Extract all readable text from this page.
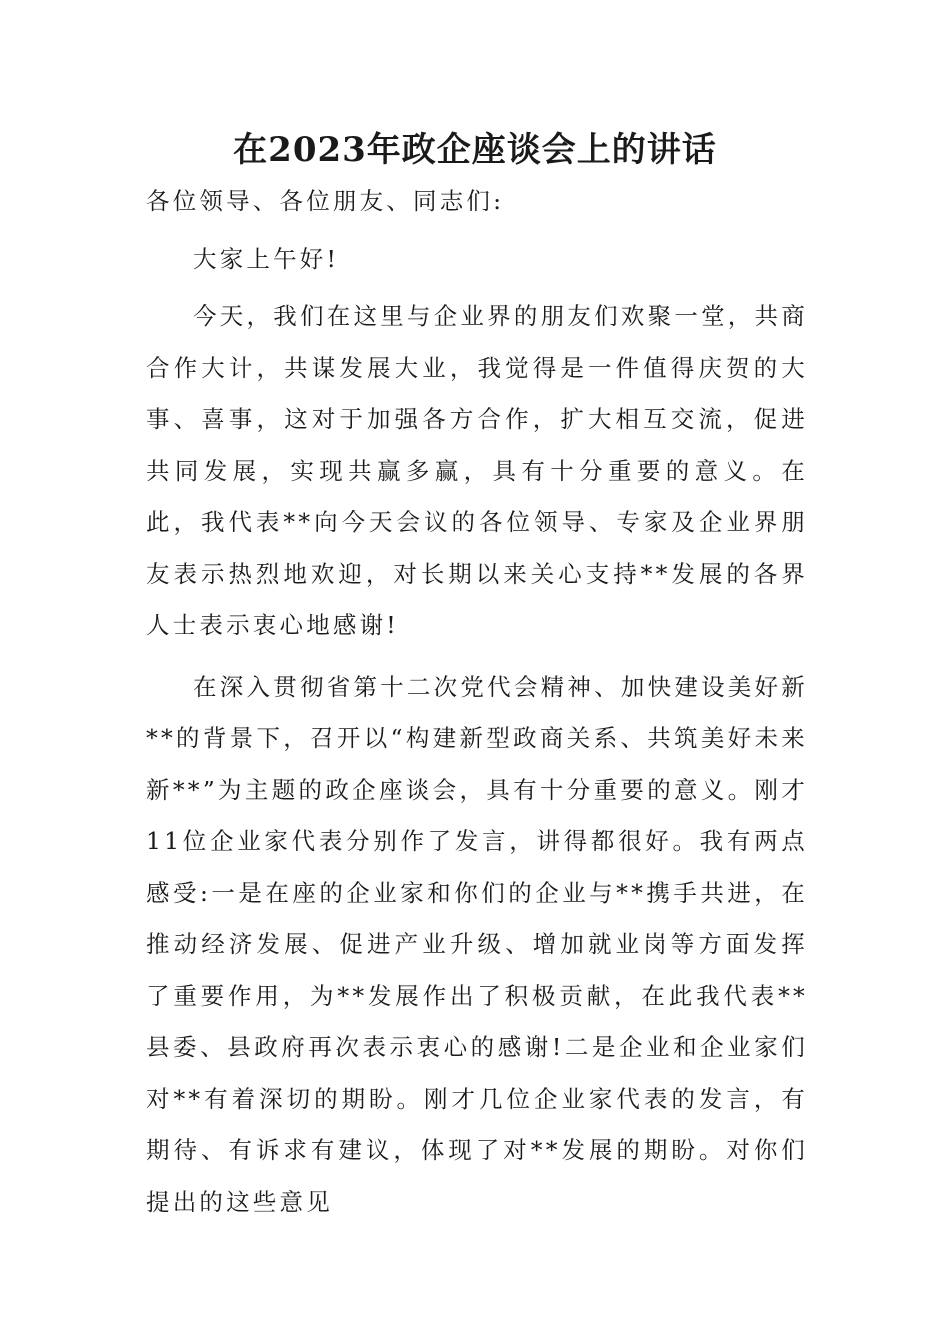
在2023年政企座谈会上的讲话

各位领导、各位朋友、同志们:

大家上午好!

今天，我们在这里与企业界的朋友们欢聚一堂，共商合作大计，共谋发展大业，我觉得是一件值得庆贺的大事、喜事，这对于加强各方合作，扩大相互交流，促进共同发展，实现共赢多赢，具有十分重要的意义。在此，我代表**向今天会议的各位领导、专家及企业界朋友表示热烈地欢迎，对长期以来关心支持**发展的各界人士表示衷心地感谢!

在深入贯彻省第十二次党代会精神、加快建设美好新**的背景下，召开以“构建新型政商关系、共筑美好未来新**”为主题的政企座谈会，具有十分重要的意义。刚才11位企业家代表分别作了发言，讲得都很好。我有两点感受:一是在座的企业家和你们的企业与**携手共进，在推动经济发展、促进产业升级、增加就业岗等方面发挥了重要作用，为**发展作出了积极贡献，在此我代表**县委、县政府再次表示衷心的感谢!二是企业和企业家们对**有着深切的期盼。刚才几位企业家代表的发言，有期待、有诉求有建议，体现了对**发展的期盼。对你们提出的这些意见
